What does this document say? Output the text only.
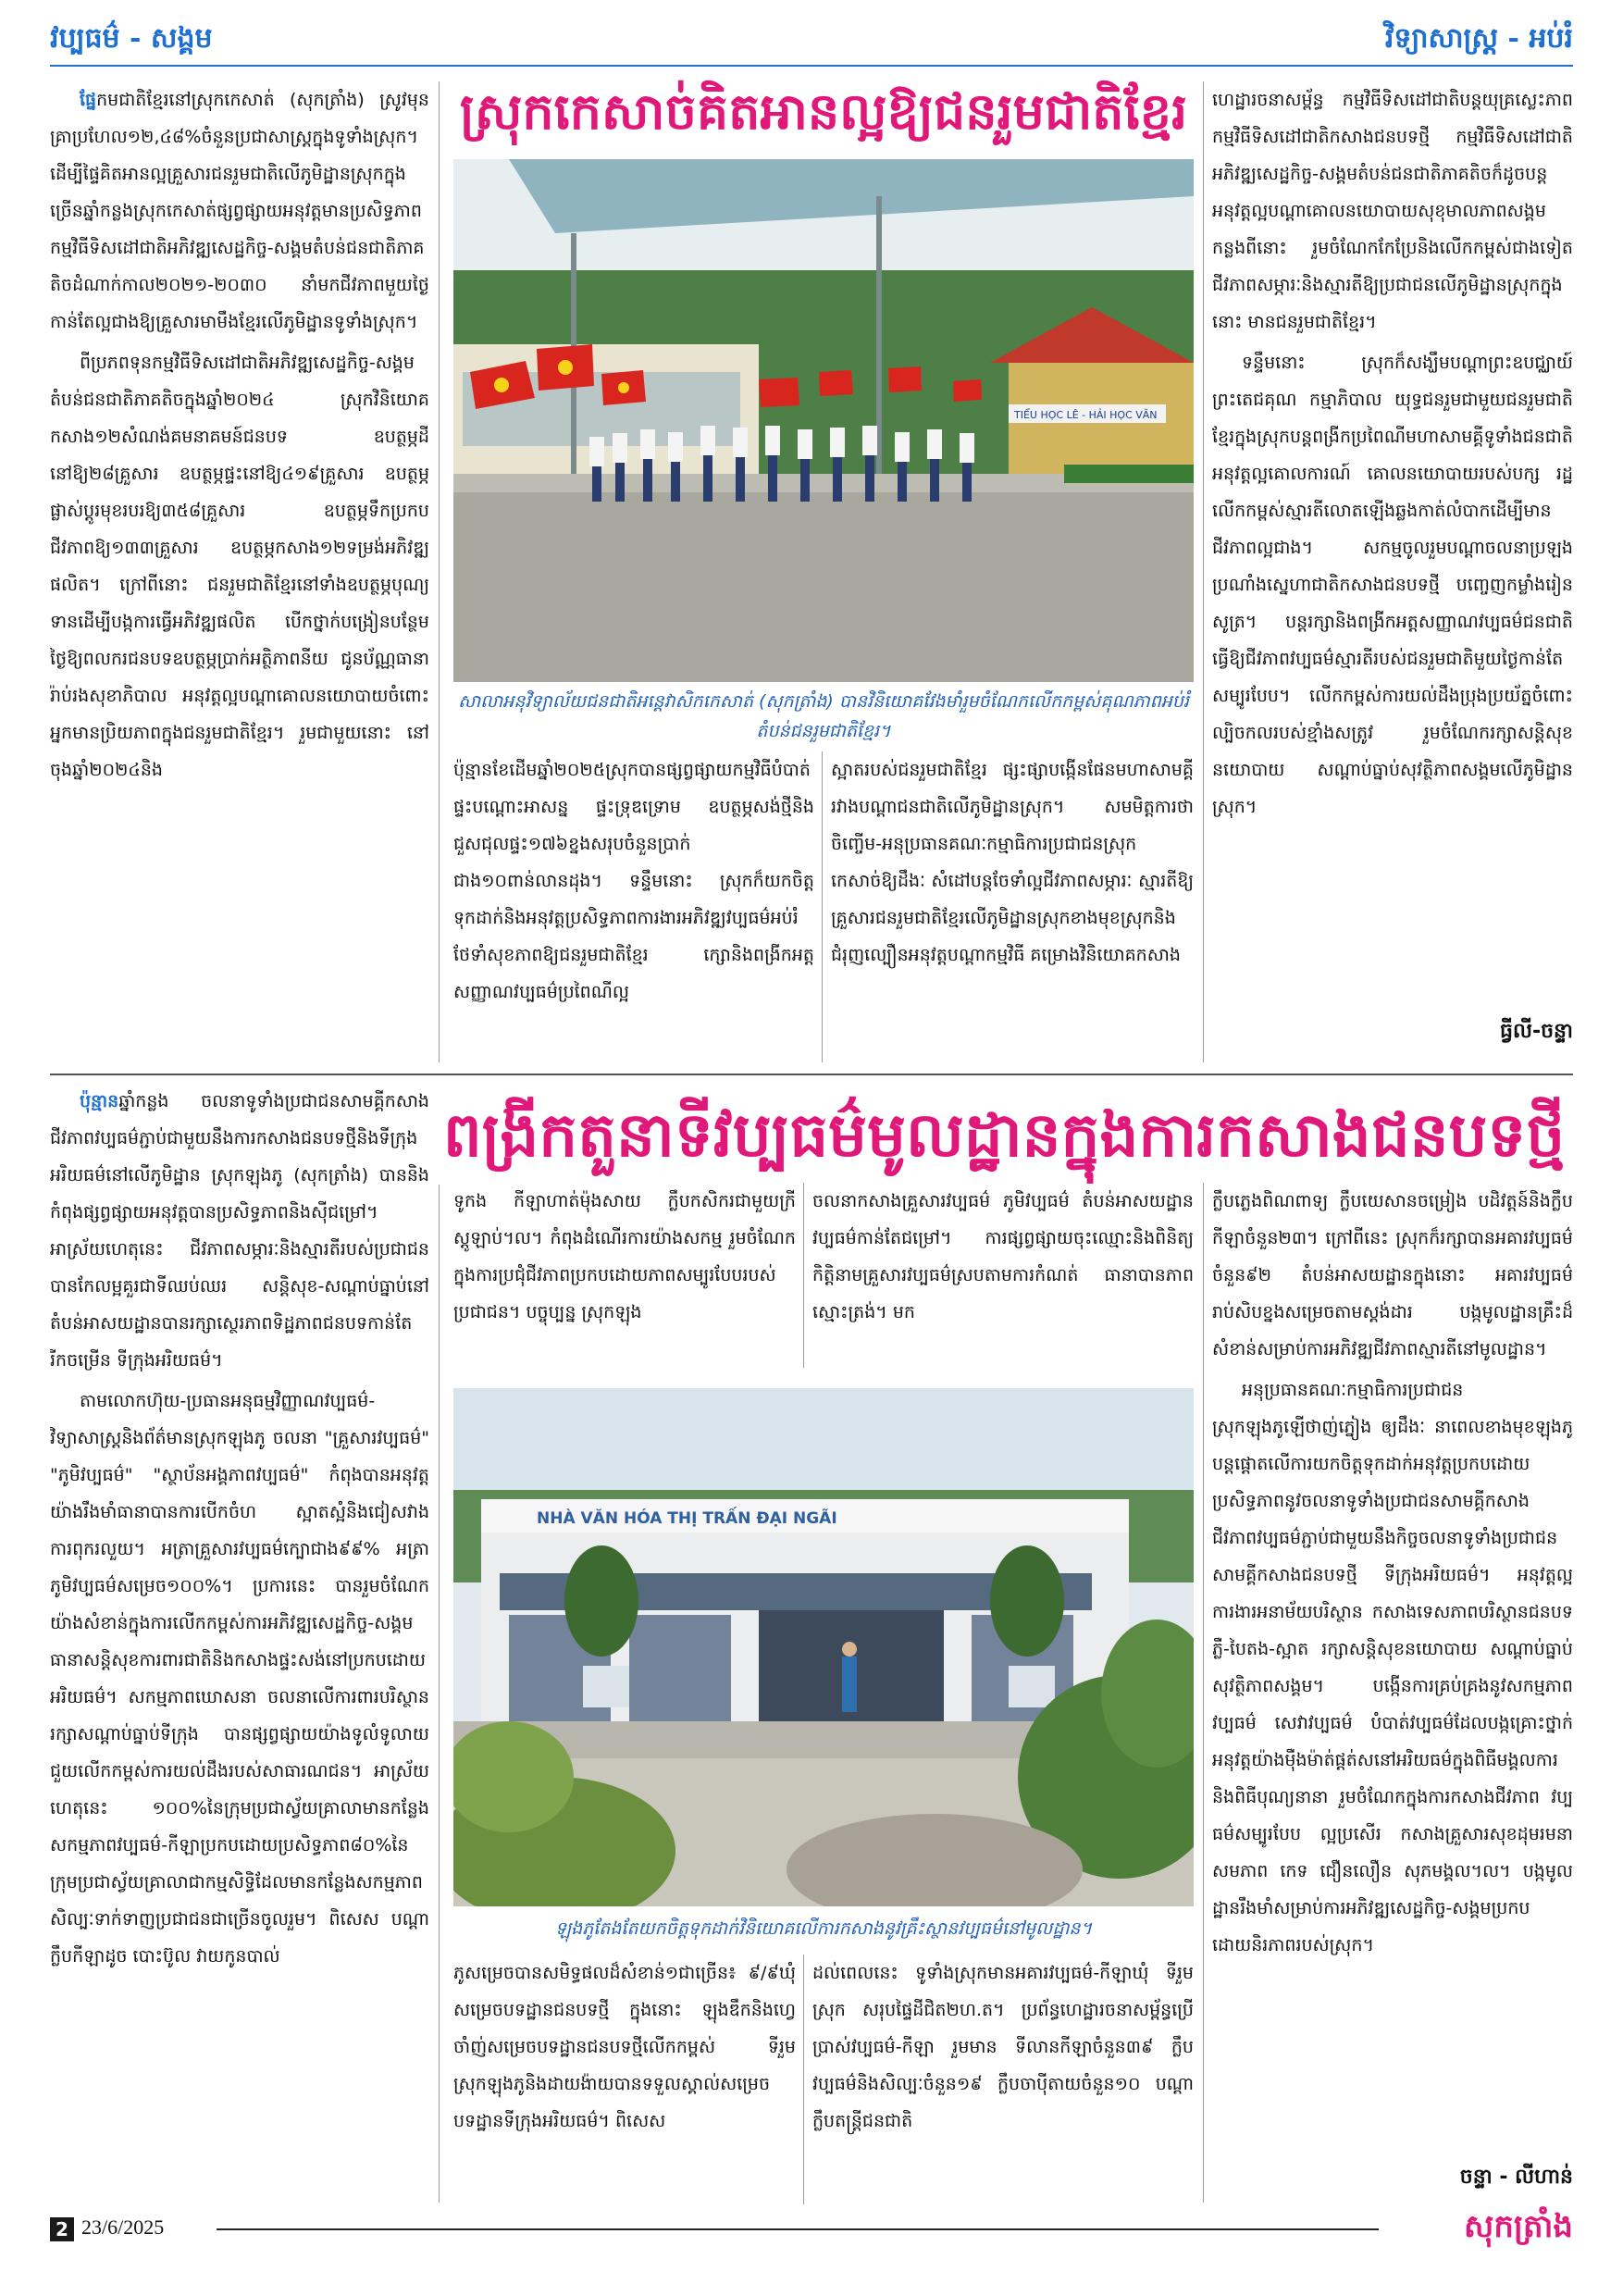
វប្បធម៌ - សង្គម	វិទ្យាសាស្ត្រ - អប់រំ

ផ្នែកមជាតិខ្មែរនៅស្រុកកេសាត់ (សុកត្រាំង) ស្រូវមុនគ្រាប្រហែល១២,៤៨%ចំនួនប្រជាសាស្ត្រក្នុងទូទាំងស្រុក។ ដើម្បីផ្ទៃគិតអានល្អគ្រួសារជនរួមជាតិលើភូមិដ្ឋានស្រុកក្នុងច្រើនឆ្នាំកន្លងស្រុកកេសាត់ផ្សព្វផ្សាយអនុវត្តមានប្រសិទ្ធភាពកម្មវិធីទិសដៅជាតិអភិវឌ្ឍសេដ្ឋកិច្ច-សង្គមតំបន់ជនជាតិភាគតិចដំណាក់កាល២០២១-២០៣០ នាំមកជីវភាពមួយថ្ងៃកាន់តែល្អជាងឱ្យគ្រួសារមាមឹងខ្មែរលើភូមិដ្ឋានទូទាំងស្រុក។

ពីប្រភពទុនកម្មវិធីទិសដៅជាតិអភិវឌ្ឍសេដ្ឋកិច្ច-សង្គមតំបន់ជនជាតិភាគតិចក្នុងឆ្នាំ២០២៤ ស្រុកវិនិយោគកសាង១២សំណង់គមនាគមន៍ជនបទ ឧបត្ថម្ភដីនៅឱ្យ២៨គ្រួសារ ឧបត្ថម្ភផ្ទះនៅឱ្យ៤១៩គ្រួសារ ឧបត្ថម្ភផ្លាស់ប្តូរមុខរបរឱ្យ៣៥៨គ្រួសារ ឧបត្ថម្ភទឹកប្រកបជីវភាពឱ្យ១៣៣គ្រួសារ ឧបត្ថម្ភកសាង១២ទម្រង់អភិវឌ្ឍផលិត។ ក្រៅពីនោះ ជនរួមជាតិខ្មែរនៅទាំងឧបត្ថម្ភបុណ្យទានដើម្បីបង្កការធ្វើអភិវឌ្ឍផលិត បើកថ្នាក់បង្រៀនបន្ថែមថ្ងៃឱ្យពលករជនបទឧបត្ថម្ភប្រាក់អត្ថិភាពនីយ ជូនប័ណ្ណធានារ៉ាប់រងសុខាភិបាល អនុវត្តល្អបណ្តាគោលនយោបាយចំពោះអ្នកមានប្រិយភាពក្នុងជនរួមជាតិខ្មែរ។ រួមជាមួយនោះ នៅចុងឆ្នាំ២០២៤និង

ស្រុកកេសាច់គិតអានល្អឱ្យជនរួមជាតិខ្មែរ
TIỂU HỌC LÊ - HẢI HỌC VĂN
សាលាអនុវិទ្យាល័យជនជាតិអន្តេវាសិកកេសាត់ (សុកត្រាំង) បានវិនិយោគវែងមាំរួមចំណែកលើកកម្ពស់គុណភាពអប់រំតំបន់ជនរួមជាតិខ្មែរ។

ប៉ុន្មានខែដើមឆ្នាំ២០២៥ស្រុកបានផ្សព្វផ្សាយកម្មវិធីបំបាត់ផ្ទះបណ្តោះអាសន្ន ផ្ទះទ្រុឌទ្រោម ឧបត្ថម្ភសង់ថ្មីនិងជួសជុលផ្ទះ១៧៦ខ្នងសរុបចំនួនប្រាក់ជាង១០ពាន់លានដុង។ ទន្ទឹមនោះ ស្រុកក៏យកចិត្តទុកដាក់និងអនុវត្តប្រសិទ្ធភាពការងារអភិវឌ្ឍវប្បធម៌អប់រំ ថែទាំសុខភាពឱ្យជនរួមជាតិខ្មែរ ក្សោនិងពង្រីកអត្តសញ្ញាណវប្បធម៌ប្រពៃណីល្អ

ស្អាតរបស់ជនរួមជាតិខ្មែរ ផ្សះផ្សាបង្កើនផែនមហាសាមគ្គីរវាងបណ្តាជនជាតិលើភូមិដ្ឋានស្រុក។ សមមិត្តការថាចិញ្ចើម-អនុប្រធានគណៈកម្មាធិការប្រជាជនស្រុកកេសាច់ឱ្យដឹងៈ សំដៅបន្តចែទាំល្អជីវភាពសម្ភារៈ ស្មារតីឱ្យគ្រួសារជនរួមជាតិខ្មែរលើភូមិដ្ឋានស្រុកខាងមុខស្រុកនិងជំរុញល្បឿនអនុវត្តបណ្តាកម្មវិធី គម្រោងវិនិយោគកសាង

ហេដ្ឋារចនាសម្ព័ន្ធ កម្មវិធីទិសដៅជាតិបន្តយុគ្រស្លេះភាព កម្មវិធីទិសដៅជាតិកសាងជនបទថ្មី កម្មវិធីទិសដៅជាតិអភិវឌ្ឍសេដ្ឋកិច្ច-សង្គមតំបន់ជនជាតិភាគតិចក៏ដូចបន្តអនុវត្តល្អបណ្តាគោលនយោបាយសុខុមាលភាពសង្គម កន្លងពីនោះ រួមចំណែកកែប្រែនិងលើកកម្ពស់ជាងទៀតជីវភាពសម្ភារៈនិងស្មារតីឱ្យប្រជាជនលើភូមិដ្ឋានស្រុកក្នុងនោះ មានជនរួមជាតិខ្មែរ។

ទន្ទឹមនោះ ស្រុកក៏សង្ឃឹមបណ្តាព្រះឧបជ្ឈាយ៍ព្រះតេជគុណ កម្មាភិបាល យុទ្ធជនរួមជាមួយជនរួមជាតិខ្មែរក្នុងស្រុកបន្តពង្រីកប្រពៃណីមហាសាមគ្គីទូទាំងជនជាតិ អនុវត្តល្អគោលការណ៍ គោលនយោបាយរបស់បក្ស រដ្ឋលើកកម្ពស់ស្មារតីលោតឡើងឆ្លងកាត់លំបាកដើម្បីមានជីវភាពល្អជាង។ សកម្មចូលរួមបណ្តាចលនាប្រឡងប្រណាំងស្នេហាជាតិកសាងជនបទថ្មី បញ្ចេញកម្លាំងរៀនសូត្រ។ បន្តរក្សានិងពង្រីកអត្តសញ្ញាណវប្បធម៌ជនជាតិធ្វើឱ្យជីវភាពវប្បធម៌ស្មារតីរបស់ជនរួមជាតិមួយថ្ងៃកាន់តែសម្បូរបែប។ លើកកម្ពស់ការយល់ដឹងប្រុងប្រយ័ត្នចំពោះល្បិចកលរបស់ខ្មាំងសត្រូវ រួមចំណែករក្សាសន្តិសុខនយោបាយ សណ្តាប់ធ្នាប់សុវត្ថិភាពសង្គមលើភូមិដ្ឋានស្រុក។

ធ្វីលី-ចន្ទា

ប៉ុន្មានឆ្នាំកន្លង ចលនាទូទាំងប្រជាជនសាមគ្គីកសាងជីវភាពវប្បធម៌ភ្ជាប់ជាមួយនឹងការកសាងជនបទថ្មីនិងទីក្រុងអរិយធម៌នៅលើភូមិដ្ឋាន ស្រុកឡុងភូ (សុកត្រាំង) បាននិងកំពុងផ្សព្វផ្សាយអនុវត្តបានប្រសិទ្ធភាពនិងស៊ីជម្រៅ។ អាស្រ័យហេតុនេះ ជីវភាពសម្ភារៈនិងស្មារតីរបស់ប្រជាជនបានកែលម្អគួរជាទីឈប់ឈរ សន្តិសុខ-សណ្តាប់ធ្នាប់នៅតំបន់អាសយដ្ឋានបានរក្សាស្ថេរភាពទិដ្ឋភាពជនបទកាន់តែរីកចម្រើន ទីក្រុងអរិយធម៌។

តាមលោកហ៊ុយ-ប្រធានអនុធម្មវិញ្ញាណវប្បធម៌-វិទ្យាសាស្ត្រនិងព័ត៌មានស្រុកឡុងភូ ចលនា "គ្រួសារវប្បធម៌" "ភូមិវប្បធម៌" "ស្ថាប័នអង្គភាពវប្បធម៌" កំពុងបានអនុវត្តយ៉ាងរឹងមាំធានាបានការបើកចំហ ស្អាតស្អំនិងជៀសវាងការពុករលួយ។ អត្រាគ្រួសារវប្បធម៌ក្បោជាង៩៩% អត្រាភូមិវប្បធម៌សម្រេច១០០%។ ប្រការនេះ បានរួមចំណែកយ៉ាងសំខាន់ក្នុងការលើកកម្ពស់ការអភិវឌ្ឍសេដ្ឋកិច្ច-សង្គម ធានាសន្តិសុខការពារជាតិនិងកសាងផ្ទះសង់នៅប្រកបដោយអរិយធម៌។ សកម្មភាពឃោសនា ចលនាលើការពារបរិស្ថាន រក្សាសណ្តាប់ធ្នាប់ទីក្រុង បានផ្សព្វផ្សាយយ៉ាងទូលំទូលាយ ជួយលើកកម្ពស់ការយល់ដឹងរបស់សាធារណជន។ អាស្រ័យហេតុនេះ ១០០%នៃក្រុមប្រជាស្វ័យគ្រាលាមានកន្លែងសកម្មភាពវប្បធម៌-កីឡាប្រកបដោយប្រសិទ្ធភាព៨០%នៃក្រុមប្រជាស្វ័យគ្រាលាជាកម្មសិទ្ធិដែលមានកន្លែងសកម្មភាពសិល្បៈទាក់ទាញប្រជាជនជាច្រើនចូលរួម។ ពិសេស បណ្តាក្លឹបកីឡាដូច បោះប៊ូល វាយកូនបាល់

ពង្រីកតួនាទីវប្បធម៌មូលដ្ឋានក្នុងការកសាងជនបទថ្មី

ទូកង កីឡាហាត់ម៉ុងសាយ ក្លឹបកសិករជាមួយក្រីស្តូឡាប់។ល។ កំពុងដំណើរការយ៉ាងសកម្ម រួមចំណែកក្នុងការប្រជុំជីវភាពប្រកបដោយភាពសម្បូរបែបរបស់ប្រជាជន។ បច្ចុប្បន្ន ស្រុកឡុង

ចលនាកសាងគ្រួសារវប្បធម៌ ភូមិវប្បធម៌ តំបន់អាសយដ្ឋានវប្បធម៌កាន់តែជម្រៅ។ ការផ្សព្វផ្សាយចុះឈ្មោះនិងពិនិត្យ កិត្តិនាមគ្រួសារវប្បធម៌ស្របតាមការកំណត់ ធានាបានភាពស្មោះត្រង់។ មក

NHÀ VĂN HÓA THỊ TRẤN ĐẠI NGÃI
ឡុងភូតែងតែយកចិត្តទុកដាក់វិនិយោគលើការកសាងនូវគ្រឹះស្ថានវប្បធម៌នៅមូលដ្ឋាន។

ភូសម្រេចបានសមិទ្ធផលដ៏សំខាន់១ជាច្រើន៖ ៩/៩ឃុំសម្រេចបទដ្ឋានជនបទថ្មី ក្នុងនោះ ឡុងឌឹកនិងហ្វេចាំញ់សម្រេចបទដ្ឋានជនបទថ្មីលើកកម្ពស់ ទីរួមស្រុកឡុងភូនិងដាយង៉ាយបានទទួលស្គាល់សម្រេចបទដ្ឋានទីក្រុងអរិយធម៌។ ពិសេស

ដល់ពេលនេះ ទូទាំងស្រុកមានអគារវប្បធម៌-កីឡាឃុំ ទីរួមស្រុក សរុបផ្ទៃដីជិត២ហ.ត។ ប្រព័ន្ធហេដ្ឋារចនាសម្ព័ន្ធប្រើប្រាស់វប្បធម៌-កីឡា រួមមាន ទីលានកីឡាចំនួន៣៩ ក្លឹបវប្បធម៌និងសិល្បៈចំនួន១៩ ក្លឹបចាប៉ីតាយចំនួន១០ បណ្តាក្លឹបតន្ត្រីជនជាតិ

ក្លឹបភ្លេងពិណពាទ្យ ក្លឹបយេសានចម្រៀង បដិវត្តន៍និងក្លឹបកីឡាចំនួន២៣។ ក្រៅពីនេះ ស្រុកក៏រក្សាបានអគារវប្បធម៌ចំនួន៩២ តំបន់អាសយដ្ឋានក្នុងនោះ អគារវប្បធម៌រាប់សិបខ្នងសម្រេចតាមស្តង់ដារ បង្កមូលដ្ឋានគ្រឹះដ៏សំខាន់សម្រាប់ការអភិវឌ្ឍជីវភាពស្មារតីនៅមូលដ្ឋាន។

អនុប្រធានគណៈកម្មាធិការប្រជាជនស្រុកឡុងភូឡើថាញ់ភ្នៀង ឲ្យដឹងៈ នាពេលខាងមុខឡុងភូបន្តផ្តោតលើការយកចិត្តទុកដាក់អនុវត្តប្រកបដោយប្រសិទ្ធភាពនូវចលនាទូទាំងប្រជាជនសាមគ្គីកសាងជីវភាពវប្បធម៌ភ្ជាប់ជាមួយនឹងកិច្ចចលនាទូទាំងប្រជាជនសាមគ្គីកសាងជនបទថ្មី ទីក្រុងអរិយធម៌។ អនុវត្តល្អការងារអនាម័យបរិស្ថាន កសាងទេសភាពបរិស្ថានជនបទភ្លឺ-បៃតង-ស្អាត រក្សាសន្តិសុខនយោបាយ សណ្តាប់ធ្នាប់ សុវត្ថិភាពសង្គម។ បង្កើនការគ្រប់គ្រងនូវសកម្មភាពវប្បធម៌ សេវាវប្បធម៌ បំបាត់វប្បធម៌ដែលបង្កគ្រោះថ្នាក់ អនុវត្តយ៉ាងម៉ឺងម៉ាត់ផ្តត់សនៅអរិយធម៌ក្នុងពិធីមង្គលការនិងពិធីបុណ្យនានា រួមចំណែកក្នុងការកសាងជីវភាព វប្បធម៌សម្បូរបែប ល្អប្រសើរ កសាងគ្រួសារសុខដុមរមនា សមភាព កេទ ជឿនលឿន សុភមង្គល។ល។ បង្កមូលដ្ឋានរឹងមាំសម្រាប់ការអភិវឌ្ឍសេដ្ឋកិច្ច-សង្គមប្រកបដោយនិរភាពរបស់ស្រុក។

ចន្ទា - លីហាន់
2 23/6/2025	សុកត្រាំង
